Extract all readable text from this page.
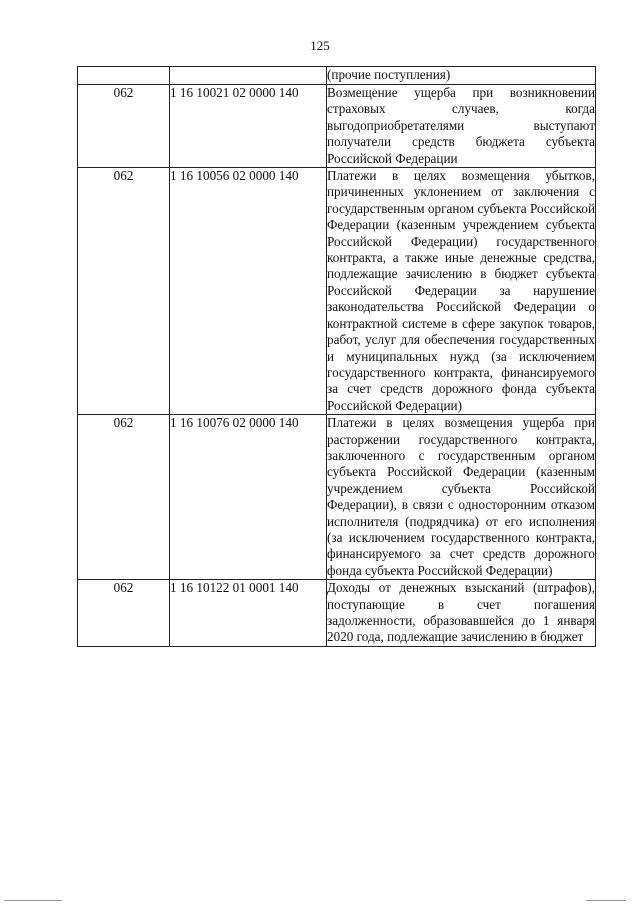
125
		(прочие поступления)
062	1 16 10021 02 0000 140	Возмещение ущерба при возникновении страховых случаев, когда выгодоприобретателями выступают получатели средств бюджета субъекта Российской Федерации
062	1 16 10056 02 0000 140	Платежи в целях возмещения убытков, причиненных уклонением от заключения с государственным органом субъекта Российской Федерации (казенным учреждением субъекта Российской Федерации) государственного контракта, а также иные денежные средства, подлежащие зачислению в бюджет субъекта Российской Федерации за нарушение законодательства Российской Федерации о контрактной системе в сфере закупок товаров, работ, услуг для обеспечения государственных и муниципальных нужд (за исключением государственного контракта, финансируемого за счет средств дорожного фонда субъекта Российской Федерации)
062	1 16 10076 02 0000 140	Платежи в целях возмещения ущерба при расторжении государственного контракта, заключенного с государственным органом субъекта Российской Федерации (казенным учреждением субъекта Российской Федерации), в связи с односторонним отказом исполнителя (подрядчика) от его исполнения (за исключением государственного контракта, финансируемого за счет средств дорожного фонда субъекта Российской Федерации)
062	1 16 10122 01 0001 140	Доходы от денежных взысканий (штрафов), поступающие в счет погашения задолженности, образовавшейся до 1 января 2020 года, подлежащие зачислению в бюджет
